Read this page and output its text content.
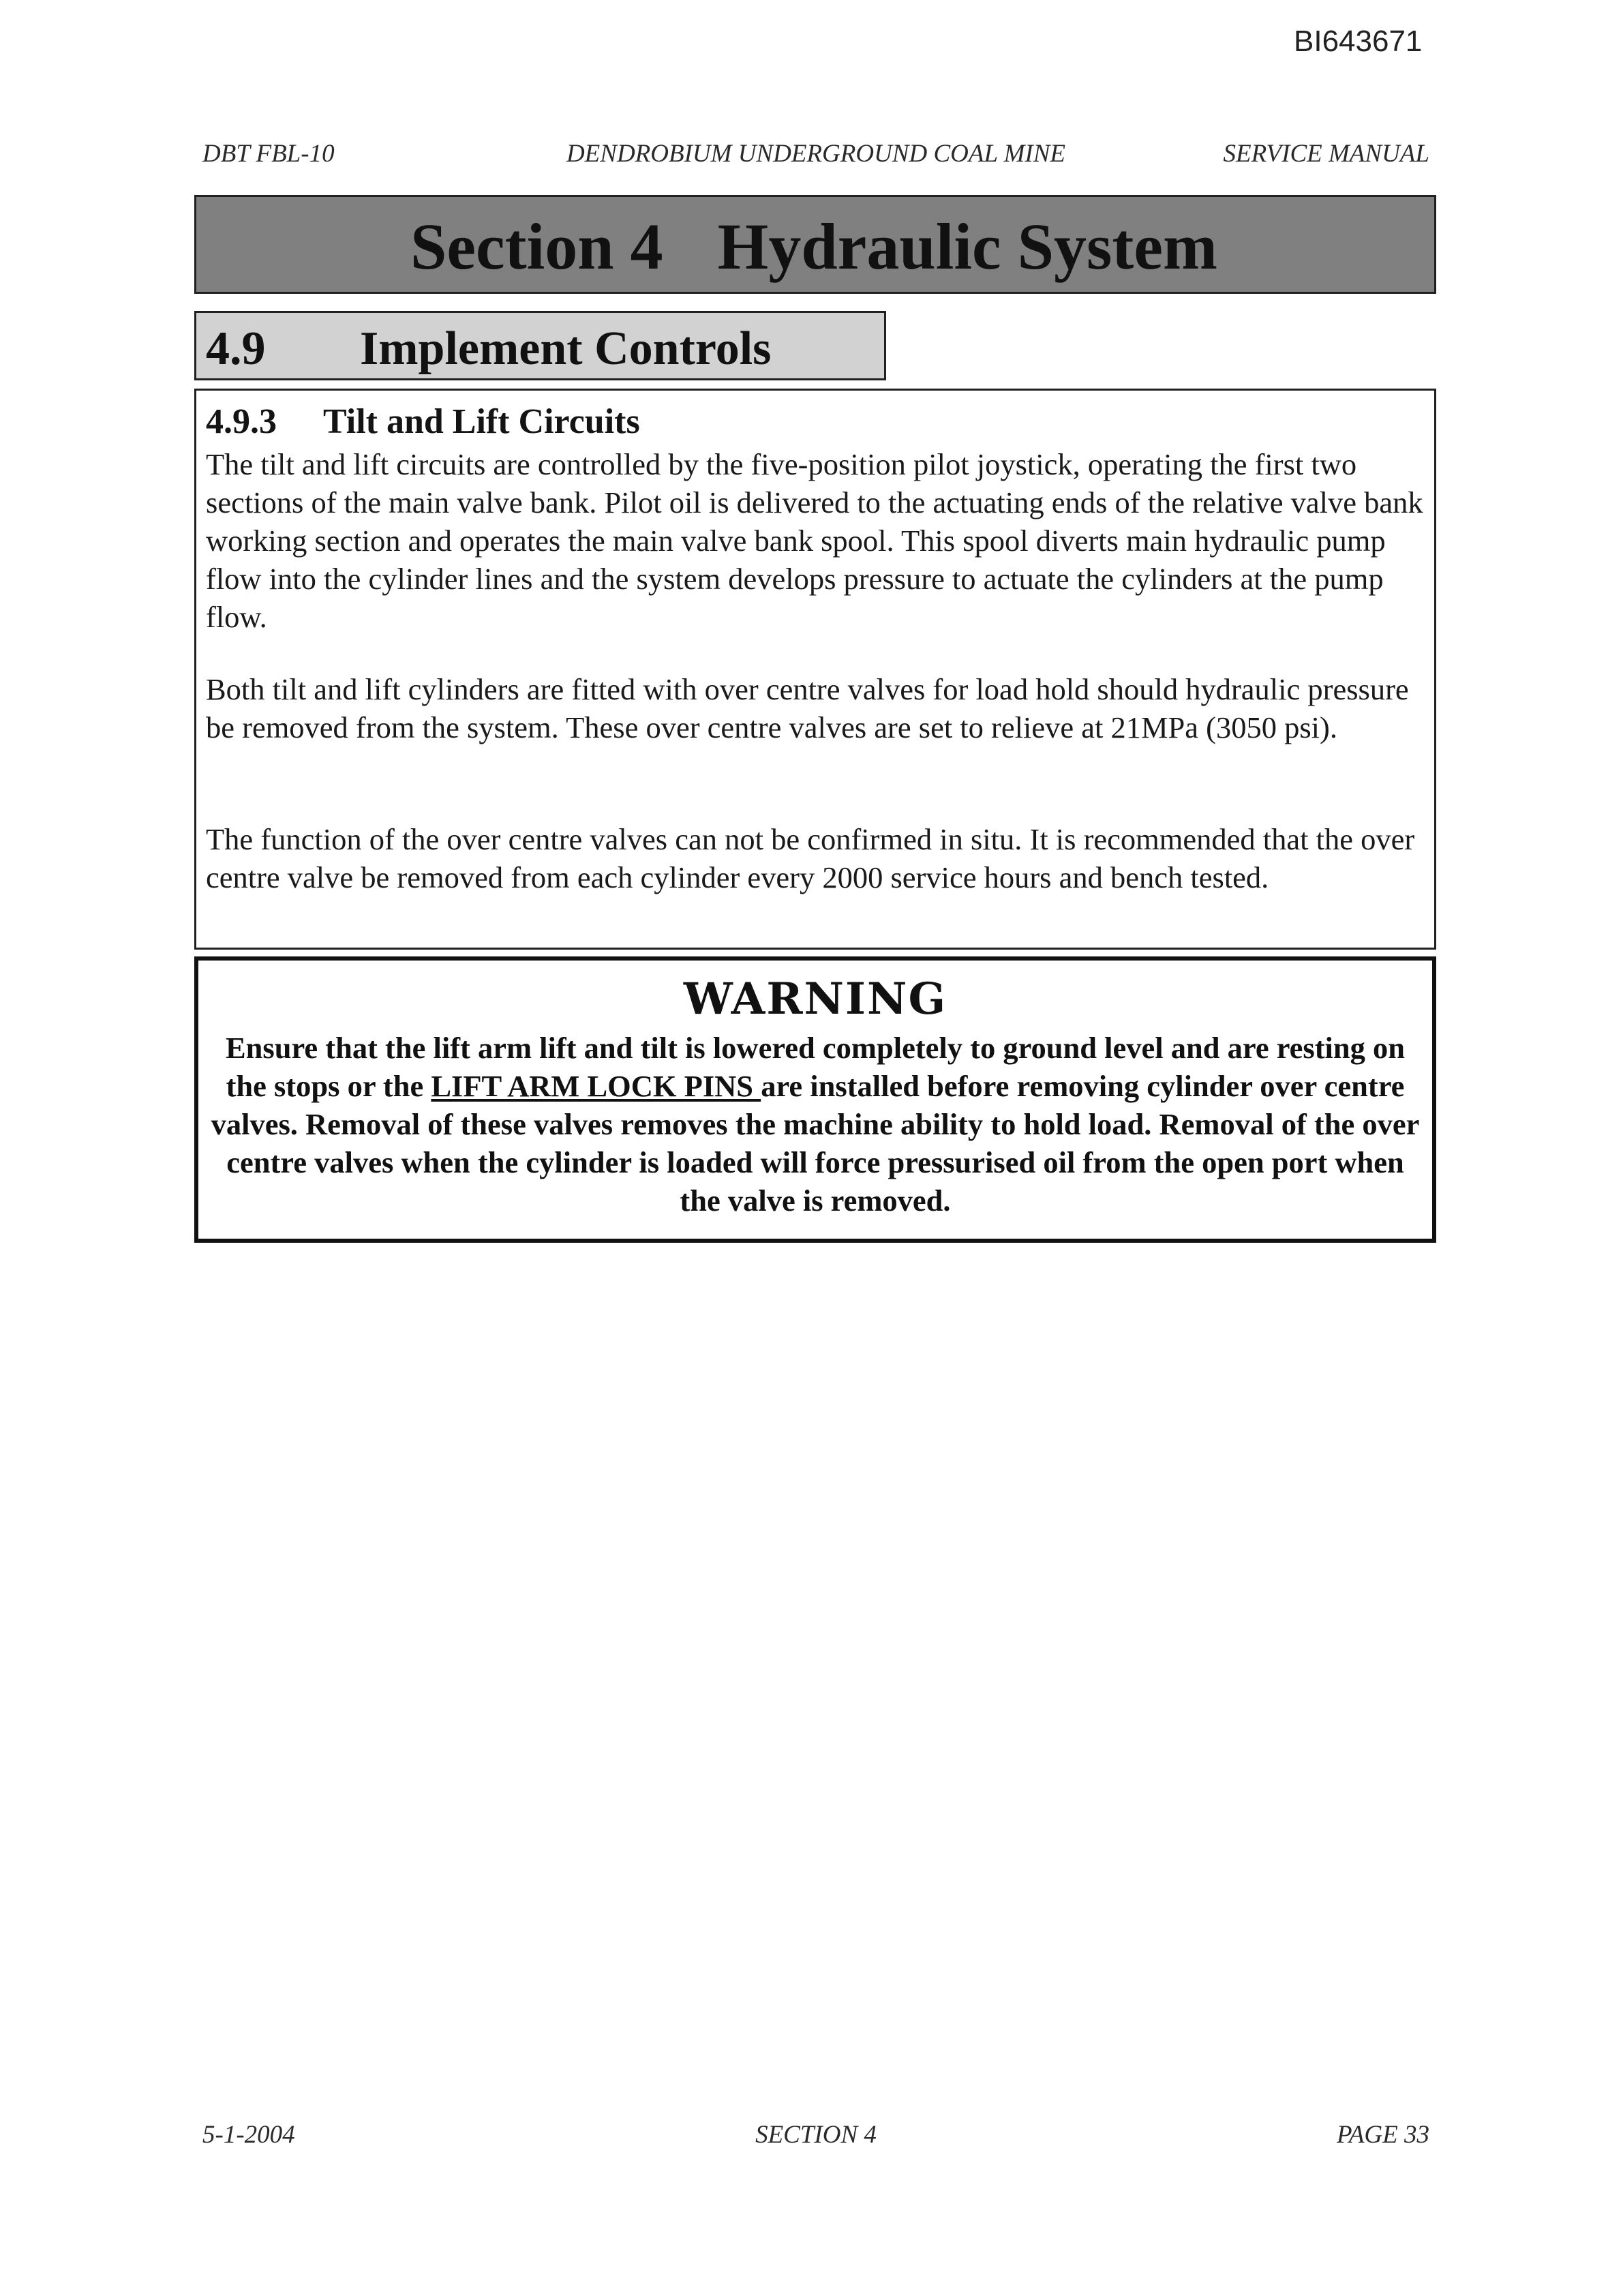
BI643671
DBT FBL-10	DENDROBIUM UNDERGROUND COAL MINE	SERVICE MANUAL
Section 4 Hydraulic System
4.9 Implement Controls
4.9.3 Tilt and Lift Circuits
The tilt and lift circuits are controlled by the five-position pilot joystick, operating the first two sections of the main valve bank. Pilot oil is delivered to the actuating ends of the relative valve bank working section and operates the main valve bank spool. This spool diverts main hydraulic pump flow into the cylinder lines and the system develops pressure to actuate the cylinders at the pump flow.
Both tilt and lift cylinders are fitted with over centre valves for load hold should hydraulic pressure be removed from the system. These over centre valves are set to relieve at 21MPa (3050 psi).
The function of the over centre valves can not be confirmed in situ. It is recommended that the over centre valve be removed from each cylinder every 2000 service hours and bench tested.
WARNING
Ensure that the lift arm lift and tilt is lowered completely to ground level and are resting on the stops or the LIFT ARM LOCK PINS are installed before removing cylinder over centre valves. Removal of these valves removes the machine ability to hold load. Removal of the over centre valves when the cylinder is loaded will force pressurised oil from the open port when the valve is removed.
5-1-2004	SECTION 4	PAGE 33
